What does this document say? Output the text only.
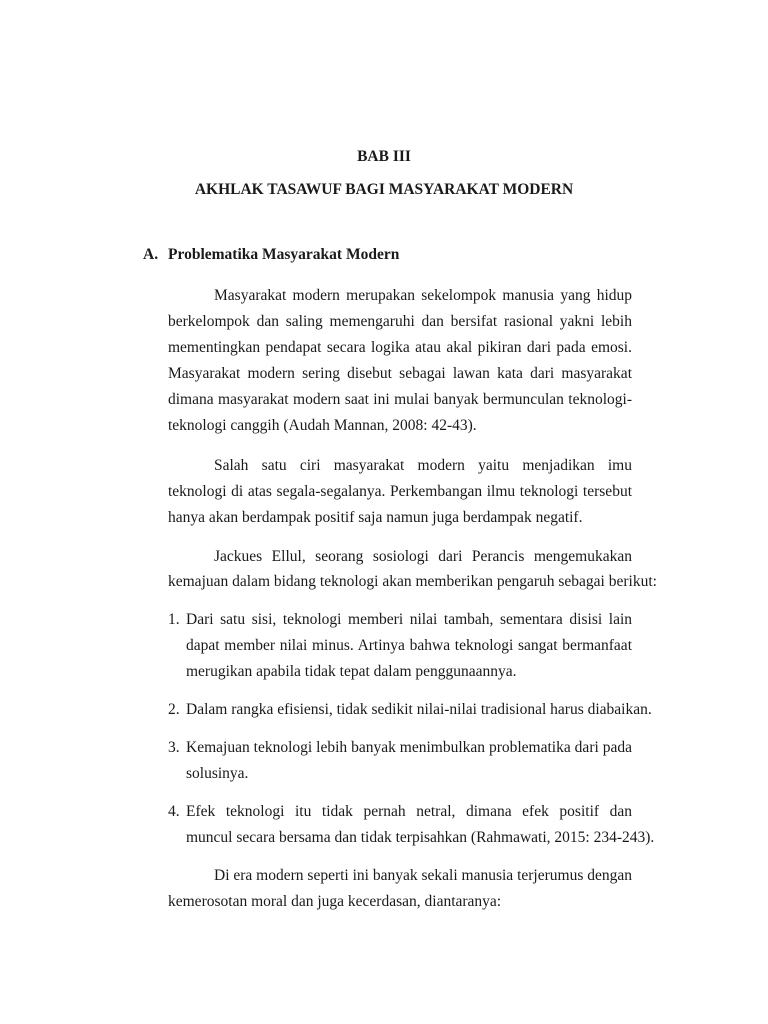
BAB III
AKHLAK TASAWUF BAGI MASYARAKAT MODERN
A. Problematika Masyarakat Modern
Masyarakat modern merupakan sekelompok manusia yang hidup
berkelompok dan saling memengaruhi dan bersifat rasional yakni lebih
mementingkan pendapat secara logika atau akal pikiran dari pada emosi.
Masyarakat modern sering disebut sebagai lawan kata dari masyarakat
dimana masyarakat modern saat ini mulai banyak bermunculan teknologi-
teknologi canggih (Audah Mannan, 2008: 42-43).
Salah satu ciri masyarakat modern yaitu menjadikan imu
teknologi di atas segala-segalanya. Perkembangan ilmu teknologi tersebut
hanya akan berdampak positif saja namun juga berdampak negatif.
Jackues Ellul, seorang sosiologi dari Perancis mengemukakan
kemajuan dalam bidang teknologi akan memberikan pengaruh sebagai berikut:
1. Dari satu sisi, teknologi memberi nilai tambah, sementara disisi lain
dapat member nilai minus. Artinya bahwa teknologi sangat bermanfaat
merugikan apabila tidak tepat dalam penggunaannya.
2. Dalam rangka efisiensi, tidak sedikit nilai-nilai tradisional harus diabaikan.
3. Kemajuan teknologi lebih banyak menimbulkan problematika dari pada
solusinya.
4. Efek teknologi itu tidak pernah netral, dimana efek positif dan
muncul secara bersama dan tidak terpisahkan (Rahmawati, 2015: 234-243).
Di era modern seperti ini banyak sekali manusia terjerumus dengan
kemerosotan moral dan juga kecerdasan, diantaranya:
